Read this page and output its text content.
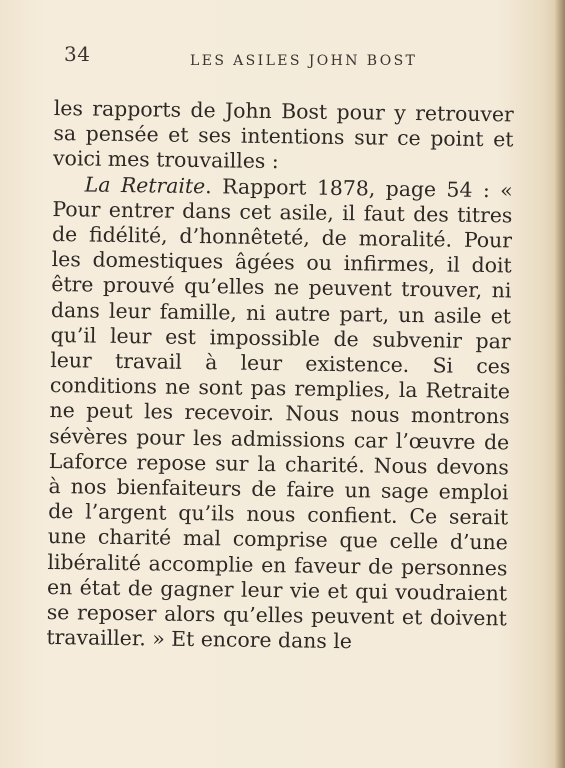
34	LES ASILES JOHN BOST

les rapports de John Bost pour y retrouver sa pensée et ses intentions sur ce point et voici mes trouvailles :

La Retraite. Rapport 1878, page 54 : « Pour entrer dans cet asile, il faut des titres de fidélité, d’honnêteté, de moralité. Pour les domestiques âgées ou infirmes, il doit être prouvé qu’elles ne peuvent trouver, ni dans leur famille, ni autre part, un asile et qu’il leur est impossible de subvenir par leur travail à leur existence. Si ces conditions ne sont pas remplies, la Retraite ne peut les recevoir. Nous nous montrons sévères pour les admissions car l’œuvre de Laforce repose sur la charité. Nous devons à nos bienfaiteurs de faire un sage emploi de l’argent qu’ils nous confient. Ce serait une charité mal comprise que celle d’une libéralité accomplie en faveur de personnes en état de gagner leur vie et qui voudraient se reposer alors qu’elles peuvent et doivent travailler. » Et encore dans le
